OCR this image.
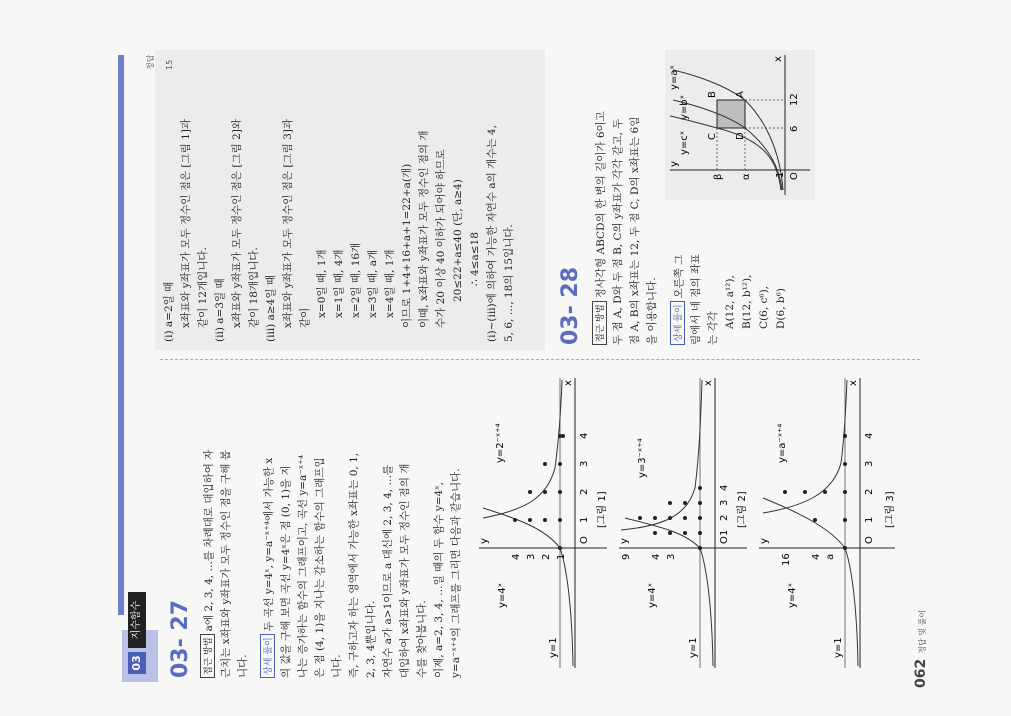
03
지수함수 03- 27	접근 방법a에 2, 3, 4, …를 차례대로 대입하여 자 근치는 x좌표와 y좌표가 모두 정수인 점을 구해 봅 니다.	상세 풀이두 곡선 y=4ˣ, y=a⁻ˣ⁺⁴에서 가능한 x 의 값을 구해 보면 곡선 y=4ˣ은 점 (0, 1)을 지 나는 증가하는 함수의 그래프이고, 곡선 y=a⁻ˣ⁺⁴ 은 점 (4, 1)을 지나는 감소하는 함수의 그래프입 니다. 즉, 구하고자 하는 영역에서 가능한 x좌표는 0, 1, 2, 3, 4뿐입니다. 자연수 a가 a>1이므로 a 대신에 2, 3, 4, …를 대입하여 x좌표와 y좌표가 모두 정수인 점의 개 수를 찾아봅니다. 이제, a=2, 3, 4, …일 때의 두 함수 y=4ˣ, y=a⁻ˣ⁺⁴의 그래프를 그리면 다음과 같습니다.	O
1
2
3
4
4 3 2 1
y=1
y=4ˣ
y=2⁻ˣ⁺⁴
x
y
[그림 1]
O
1
2
3
4
9 4 3
y=1
y=4ˣ
y=3⁻ˣ⁺⁴
x
y
[그림 2]
O
1
2
3
4
16 4 a
y=1
y=4ˣ
y=a⁻ˣ⁺⁴
x
y
[그림 3]
(ⅰ) a=2일 때 x좌표와 y좌표가 모두 정수인 점은 [그림 1]과 같이 12개입니다. (ⅱ) a=3일 때 x좌표와 y좌표가 모두 정수인 점은 [그림 2]와 같이 18개입니다. (ⅲ) a≥4일 때 x좌표와 y좌표가 모두 정수인 점은 [그림 3]과 같이 x=0일 때, 1개 x=1일 때, 4개 x=2일 때, 16개 x=3일 때, a개 x=4일 때, 1개 이므로 1+4+16+a+1=22+a(개) 이때, x좌표와 y좌표가 모두 정수인 점의 개 수가 20 이상 40 이하가 되어야 하므로 20≤22+a≤40 (단, a≥4) ∴ 4≤a≤18 (ⅰ)~(ⅲ)에 의하여 가능한 자연수 a의 개수는 4, 5, 6, …, 18의 15입니다. 03- 28	접근 방법정사각형 ABCD의 한 변의 길이가 6이고 두 점 A, D와 두 점 B, C의 y좌표가 각각 같고, 두 점 A, B의 x좌표는 12, 두 점 C, D의 x좌표는 6임 을 이용합니다.	상세 풀이오른쪽 그 림에서 네 점의 좌표 는 각각 A(12, a¹²), B(12, b¹²), C(6, c⁶), D(6, b⁶)
A
B
C D
O
6
12
α
β	1
x
y
y=aˣ
y=bˣ
y=cˣ
정답 15
062 정답 및 풀이
